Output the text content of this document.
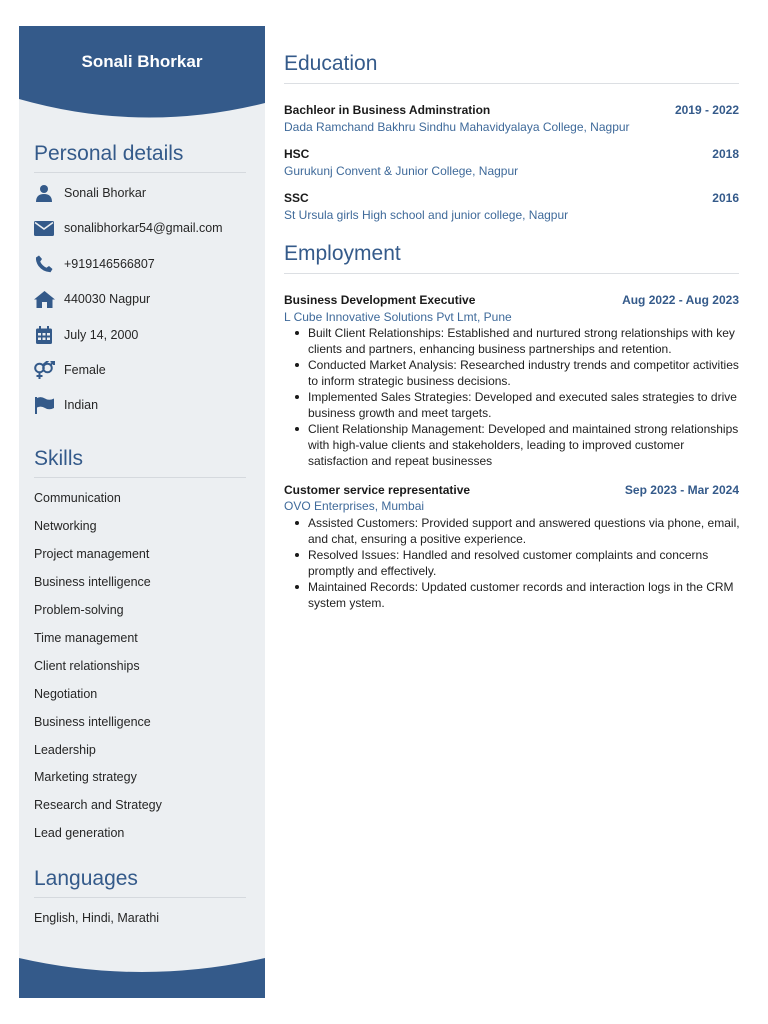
Sonali Bhorkar
Personal details
Sonali Bhorkar
sonalibhorkar54@gmail.com
+919146566807
440030 Nagpur
July 14, 2000
Female
Indian
Skills
Communication
Networking
Project management
Business intelligence
Problem-solving
Time management
Client relationships
Negotiation
Business intelligence
Leadership
Marketing strategy
Research and Strategy
Lead generation
Languages
English, Hindi, Marathi
Education
Bachleor in Business Adminstration	2019 - 2022
Dada Ramchand Bakhru Sindhu Mahavidyalaya College, Nagpur
HSC	2018
Gurukunj Convent & Junior College, Nagpur
SSC	2016
St Ursula girls High school and junior college, Nagpur
Employment
Business Development Executive	Aug 2022 - Aug 2023
L Cube Innovative Solutions Pvt Lmt, Pune
Built Client Relationships: Established and nurtured strong relationships with key clients and partners, enhancing business partnerships and retention.
Conducted Market Analysis: Researched industry trends and competitor activities to inform strategic business decisions.
Implemented Sales Strategies: Developed and executed sales strategies to drive business growth and meet targets.
Client Relationship Management: Developed and maintained strong relationships with high-value clients and stakeholders, leading to improved customer satisfaction and repeat businesses
Customer service representative	Sep 2023 - Mar 2024
OVO Enterprises, Mumbai
Assisted Customers: Provided support and answered questions via phone, email, and chat, ensuring a positive experience.
Resolved Issues: Handled and resolved customer complaints and concerns promptly and effectively.
Maintained Records: Updated customer records and interaction logs in the CRM system ystem.
